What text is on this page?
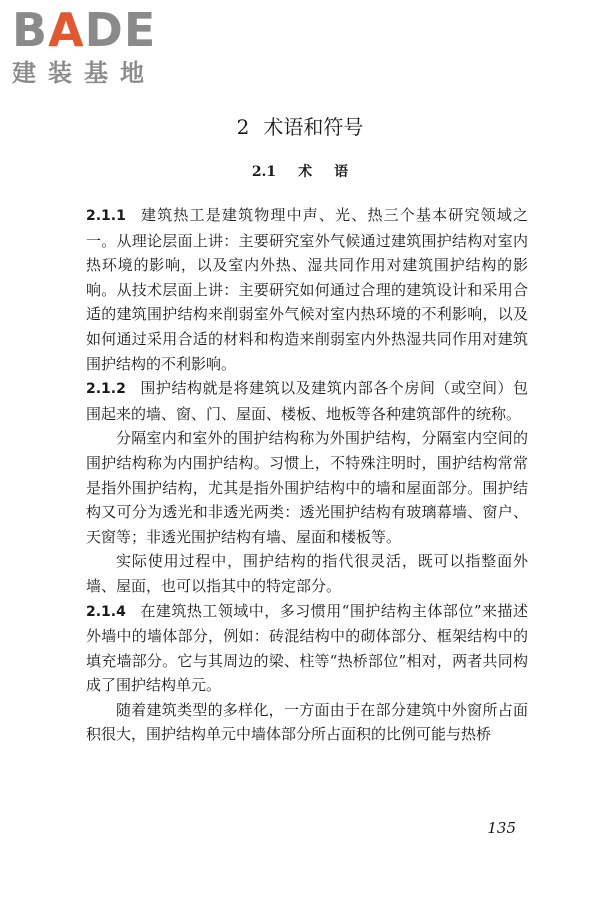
BADE
建装基地
2 术语和符号
2.1 术 语

2.1.1 建筑热工是建筑物理中声、光、热三个基本研究领域之一。从理论层面上讲：主要研究室外气候通过建筑围护结构对室内热环境的影响，以及室内外热、湿共同作用对建筑围护结构的影响。从技术层面上讲：主要研究如何通过合理的建筑设计和采用合适的建筑围护结构来削弱室外气候对室内热环境的不利影响，以及如何通过采用合适的材料和构造来削弱室内外热湿共同作用对建筑围护结构的不利影响。

2.1.2 围护结构就是将建筑以及建筑内部各个房间（或空间）包围起来的墙、窗、门、屋面、楼板、地板等各种建筑部件的统称。

分隔室内和室外的围护结构称为外围护结构，分隔室内空间的围护结构称为内围护结构。习惯上，不特殊注明时，围护结构常常是指外围护结构，尤其是指外围护结构中的墙和屋面部分。围护结构又可分为透光和非透光两类：透光围护结构有玻璃幕墙、窗户、天窗等；非透光围护结构有墙、屋面和楼板等。

实际使用过程中，围护结构的指代很灵活，既可以指整面外墙、屋面，也可以指其中的特定部分。

2.1.4 在建筑热工领域中，多习惯用“围护结构主体部位”来描述外墙中的墙体部分，例如：砖混结构中的砌体部分、框架结构中的填充墙部分。它与其周边的梁、柱等“热桥部位”相对，两者共同构成了围护结构单元。

随着建筑类型的多样化，一方面由于在部分建筑中外窗所占面积很大，围护结构单元中墙体部分所占面积的比例可能与热桥

135
